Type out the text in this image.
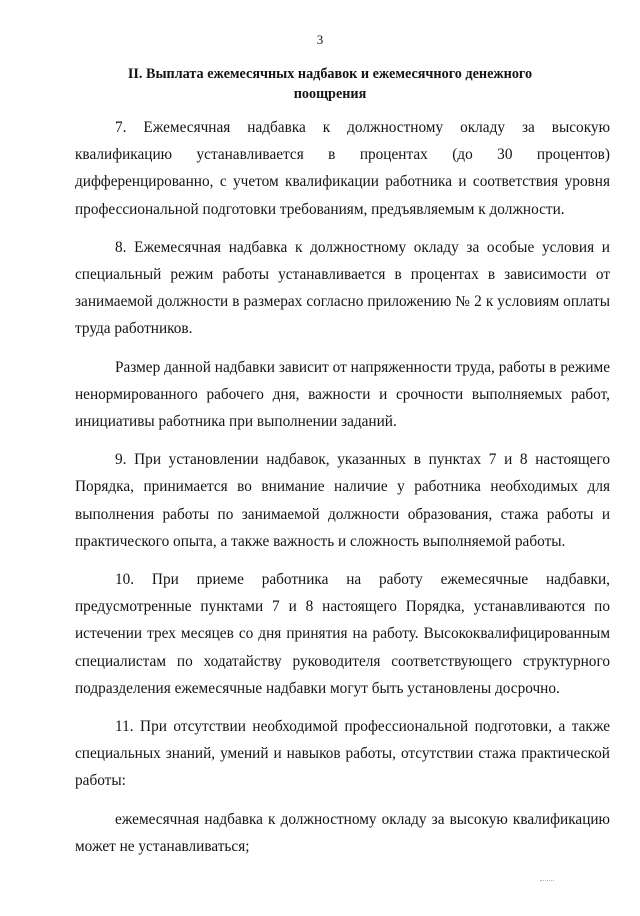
3
II. Выплата ежемесячных надбавок и ежемесячного денежного
поощрения

7. Ежемесячная надбавка к должностному окладу за высокую квалификацию устанавливается в процентах (до 30 процентов) дифференцированно, с учетом квалификации работника и соответствия уровня профессиональной подготовки требованиям, предъявляемым к должности.

8. Ежемесячная надбавка к должностному окладу за особые условия и специальный режим работы устанавливается в процентах в зависимости от занимаемой должности в размерах согласно приложению № 2 к условиям оплаты труда работников.

Размер данной надбавки зависит от напряженности труда, работы в режиме ненормированного рабочего дня, важности и срочности выполняемых работ, инициативы работника при выполнении заданий.

9. При установлении надбавок, указанных в пунктах 7 и 8 настоящего Порядка, принимается во внимание наличие у работника необходимых для выполнения работы по занимаемой должности образования, стажа работы и практического опыта, а также важность и сложность выполняемой работы.

10. При приеме работника на работу ежемесячные надбавки, предусмотренные пунктами 7 и 8 настоящего Порядка, устанавливаются по истечении трех месяцев со дня принятия на работу. Высококвалифицированным специалистам по ходатайству руководителя соответствующего структурного подразделения ежемесячные надбавки могут быть установлены досрочно.

11. При отсутствии необходимой профессиональной подготовки, а также специальных знаний, умений и навыков работы, отсутствии стажа практической работы:

ежемесячная надбавка к должностному окладу за высокую квалификацию может не устанавливаться;
